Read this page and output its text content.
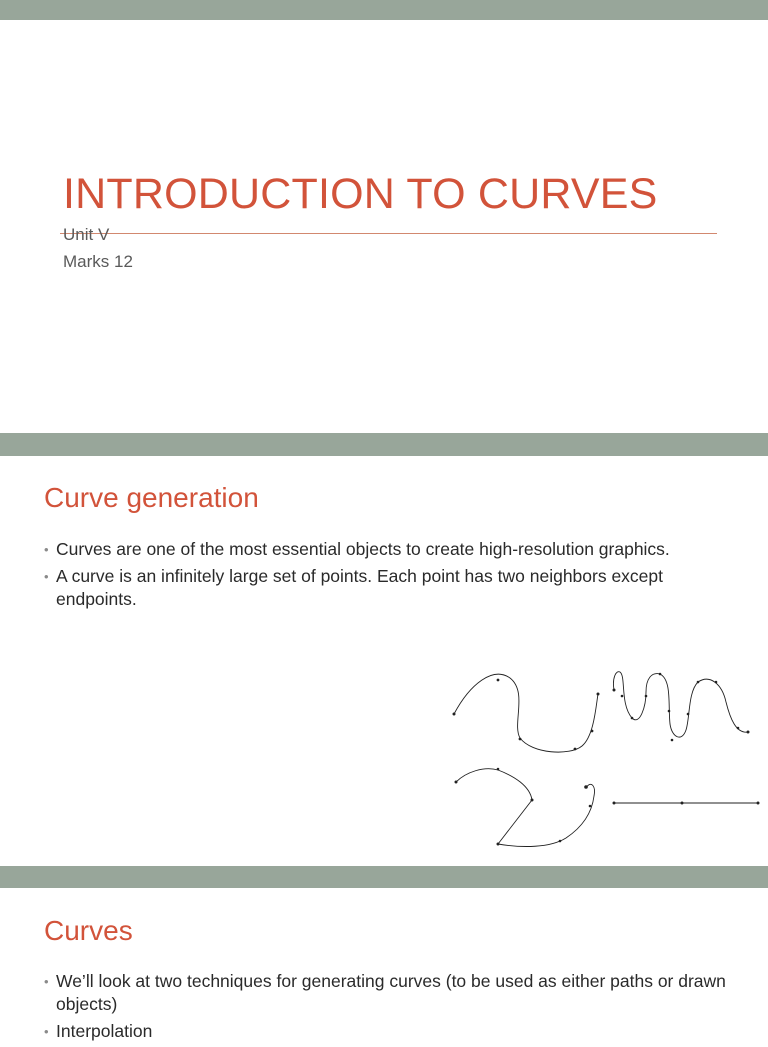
INTRODUCTION TO CURVES
Unit V
Marks 12
Curve generation
• Curves are one of the most essential objects to create high-resolution graphics.
• A curve is an infinitely large set of points. Each point has two neighbors except endpoints.
Curves
• We’ll look at two techniques for generating curves (to be used as either paths or drawn objects)
• Interpolation
